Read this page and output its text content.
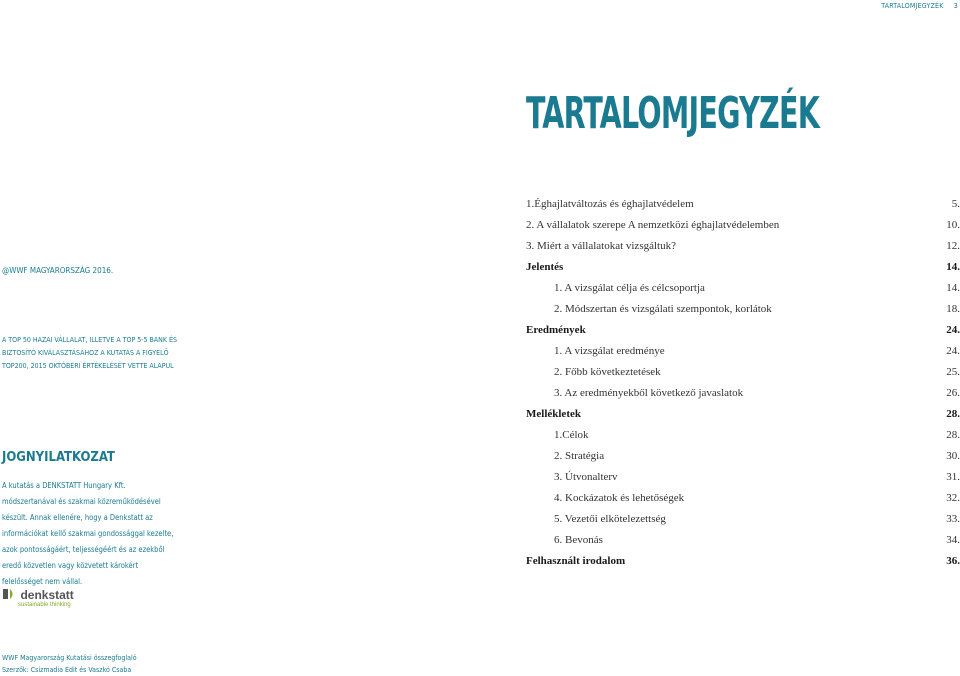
TARTALOMJEGYZÉK 3
@WWF MAGYARORSZÁG 2016.
A TOP 50 HAZAI VÁLLALAT, ILLETVE A TOP 5-5 BANK ÉS BIZTOSÍTÓ KIVÁLASZTÁSÁHOZ A KUTATÁS A FIGYELŐ TOP200, 2015 OKTÓBERI ÉRTÉKELÉSÉT VETTE ALAPUL
JOGNYILATKOZAT
A kutatás a DENKSTATT Hungary Kft. módszertanával és szakmai közreműködésével készült. Annak ellenére, hogy a Denkstatt az információkat kellő szakmai gondossággal kezelte, azok pontosságáért, teljességéért és az ezekből eredő közvetlen vagy közvetett károkért felelősséget nem vállal.
denkstatt
sustainable thinking
WWF Magyarország Kutatási összegfoglaló
Szerzők: Csizmadia Edit és Vaszkó Csaba
TARTALOMJEGYZÉK
1.Éghajlatváltozás és éghajlatvédelem	5.
2. A vállalatok szerepe A nemzetközi éghajlatvédelemben	10.
3. Miért a vállalatokat vizsgáltuk?	12.
Jelentés	14.
1. A vizsgálat célja és célcsoportja	14.
2. Módszertan és vizsgálati szempontok, korlátok	18.
Eredmények	24.
1. A vizsgálat eredménye	24.
2. Főbb következtetések	25.
3. Az eredményekből következő javaslatok	26.
Mellékletek	28.
1.Célok	28.
2. Stratégia	30.
3. Útvonalterv	31.
4. Kockázatok és lehetőségek	32.
5. Vezetői elkötelezettség	33.
6. Bevonás	34.
Felhasznált irodalom	36.
